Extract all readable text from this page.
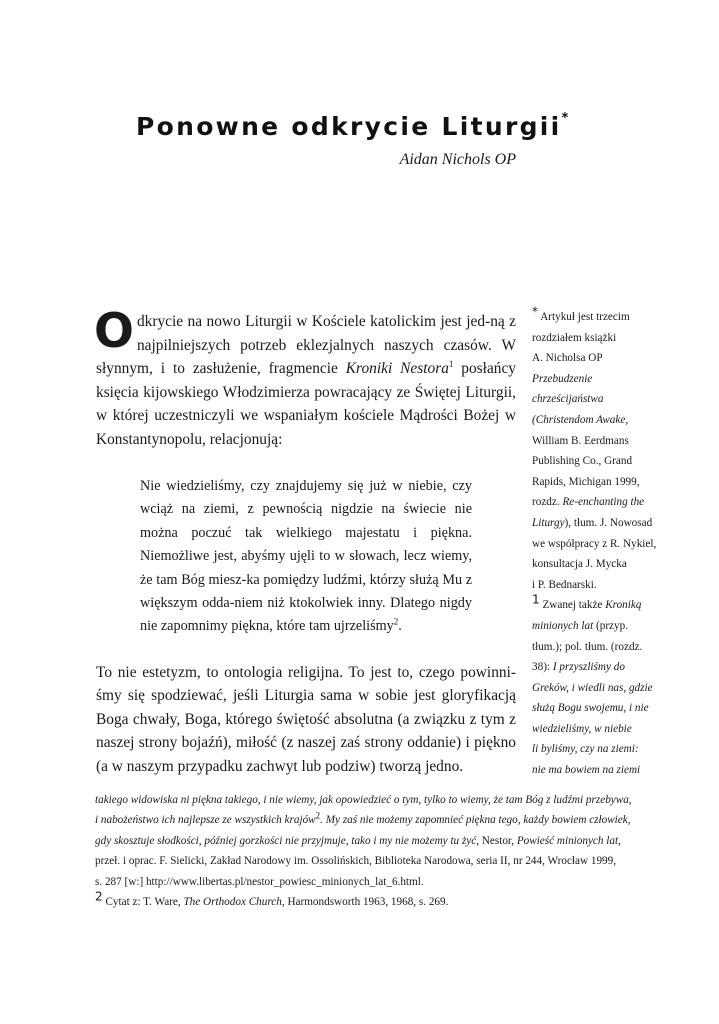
Ponowne odkrycie Liturgii*
Aidan Nichols OP

Odkrycie na nowo Liturgii w Kościele katolickim jest jed-ną z najpilniejszych potrzeb eklezjalnych naszych czasów. W słynnym, i to zasłużenie, fragmencie Kroniki Nestora$^1$ posłańcy księcia kijowskiego Włodzimierza powracający ze Świętej Liturgii, w której uczestniczyli we wspaniałym kościele Mądrości Bożej w Konstantynopolu, relacjonują:

Nie wiedzieliśmy, czy znajdujemy się już w niebie, czy wciąż na ziemi, z pewnością nigdzie na świecie nie można poczuć tak wielkiego majestatu i piękna. Niemożliwe jest, abyśmy ujęli to w słowach, lecz wiemy, że tam Bóg miesz-ka pomiędzy ludźmi, którzy służą Mu z większym odda-niem niż ktokolwiek inny. Dlatego nigdy nie zapomnimy piękna, które tam ujrzeliśmy$^2$.

To nie estetyzm, to ontologia religijna. To jest to, czego powinni-śmy się spodziewać, jeśli Liturgia sama w sobie jest gloryfikacją Boga chwały, Boga, którego świętość absolutna (a związku z tym z naszej strony bojaźń), miłość (z naszej zaś strony oddanie) i piękno (a w naszym przypadku zachwyt lub podziw) tworzą jedno.

* Artykuł jest trzecim
rozdziałem książki
A. Nicholsa OP
Przebudzenie
chrześcijaństwa
(Christendom Awake,
William B. Eerdmans
Publishing Co., Grand
Rapids, Michigan 1999,
rozdz. Re-enchanting the
Liturgy), tłum. J. Nowosad
we współpracy z R. Nykiel,
konsultacja J. Mycka
i P. Bednarski.
1 Zwanej także Kroniką
minionych lat (przyp.
tłum.); pol. tłum. (rozdz.
38): I przyszliśmy do
Greków, i wiedli nas, gdzie
służą Bogu swojemu, i nie
wiedzieliśmy, w niebie
li byliśmy, czy na ziemi:
nie ma bowiem na ziemi
takiego widowiska ni piękna takiego, i nie wiemy, jak opowiedzieć o tym, tylko to wiemy, że tam Bóg z ludźmi przebywa,
i nabożeństwo ich najlepsze ze wszystkich krajów$^2$. My zaś nie możemy zapomnieć piękna tego, każdy bowiem człowiek,
gdy skosztuje słodkości, później gorzkości nie przyjmuje, tako i my nie możemy tu żyć, Nestor, Powieść minionych lat,
przeł. i oprac. F. Sielicki, Zakład Narodowy im. Ossolińskich, Biblioteka Narodowa, seria II, nr 244, Wrocław 1999,
s. 287 [w:] http://www.libertas.pl/nestor_powiesc_minionych_lat_6.html.
2 Cytat z: T. Ware, The Orthodox Church, Harmondsworth 1963, 1968, s. 269.
